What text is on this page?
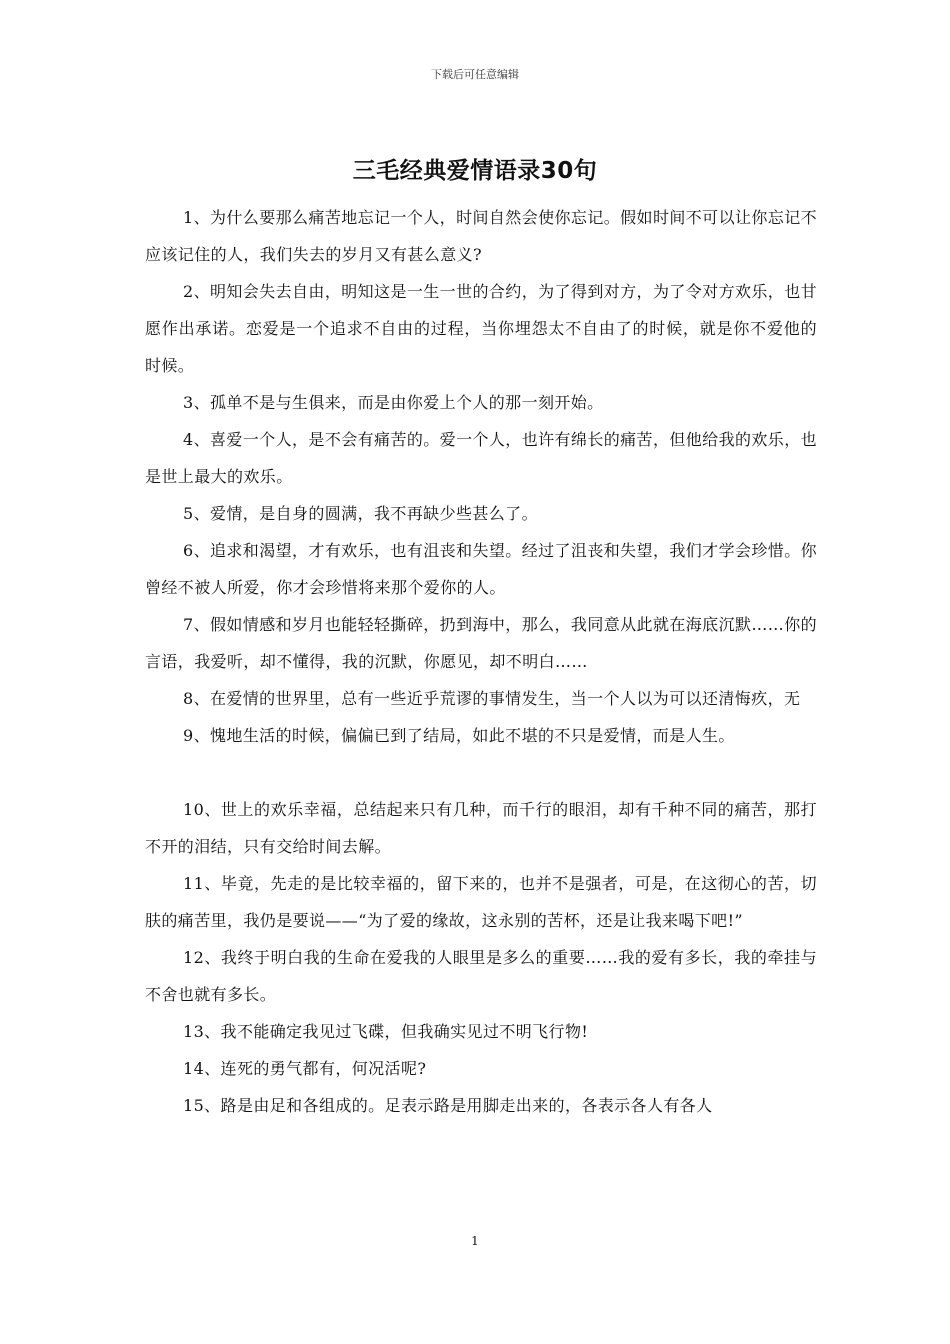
下载后可任意编辑
三毛经典爱情语录30句

1、为什么要那么痛苦地忘记一个人，时间自然会使你忘记。假如时间不可以让你忘记不应该记住的人，我们失去的岁月又有甚么意义?

2、明知会失去自由，明知这是一生一世的合约，为了得到对方，为了令对方欢乐，也甘愿作出承诺。恋爱是一个追求不自由的过程，当你埋怨太不自由了的时候，就是你不爱他的时候。

3、孤单不是与生俱来，而是由你爱上个人的那一刻开始。

4、喜爱一个人，是不会有痛苦的。爱一个人，也许有绵长的痛苦，但他给我的欢乐，也是世上最大的欢乐。

5、爱情，是自身的圆满，我不再缺少些甚么了。

6、追求和渴望，才有欢乐，也有沮丧和失望。经过了沮丧和失望，我们才学会珍惜。你曾经不被人所爱，你才会珍惜将来那个爱你的人。

7、假如情感和岁月也能轻轻撕碎，扔到海中，那么，我同意从此就在海底沉默……你的言语，我爱听，却不懂得，我的沉默，你愿见，却不明白……

8、在爱情的世界里，总有一些近乎荒谬的事情发生，当一个人以为可以还清悔疚，无

9、愧地生活的时候，偏偏已到了结局，如此不堪的不只是爱情，而是人生。

10、世上的欢乐幸福，总结起来只有几种，而千行的眼泪，却有千种不同的痛苦，那打不开的泪结，只有交给时间去解。

11、毕竟，先走的是比较幸福的，留下来的，也并不是强者，可是，在这彻心的苦，切肤的痛苦里，我仍是要说——“为了爱的缘故，这永别的苦杯，还是让我来喝下吧!”

12、我终于明白我的生命在爱我的人眼里是多么的重要……我的爱有多长，我的牵挂与不舍也就有多长。

13、我不能确定我见过飞碟，但我确实见过不明飞行物!

14、连死的勇气都有，何况活呢?

15、路是由足和各组成的。足表示路是用脚走出来的，各表示各人有各人

1
